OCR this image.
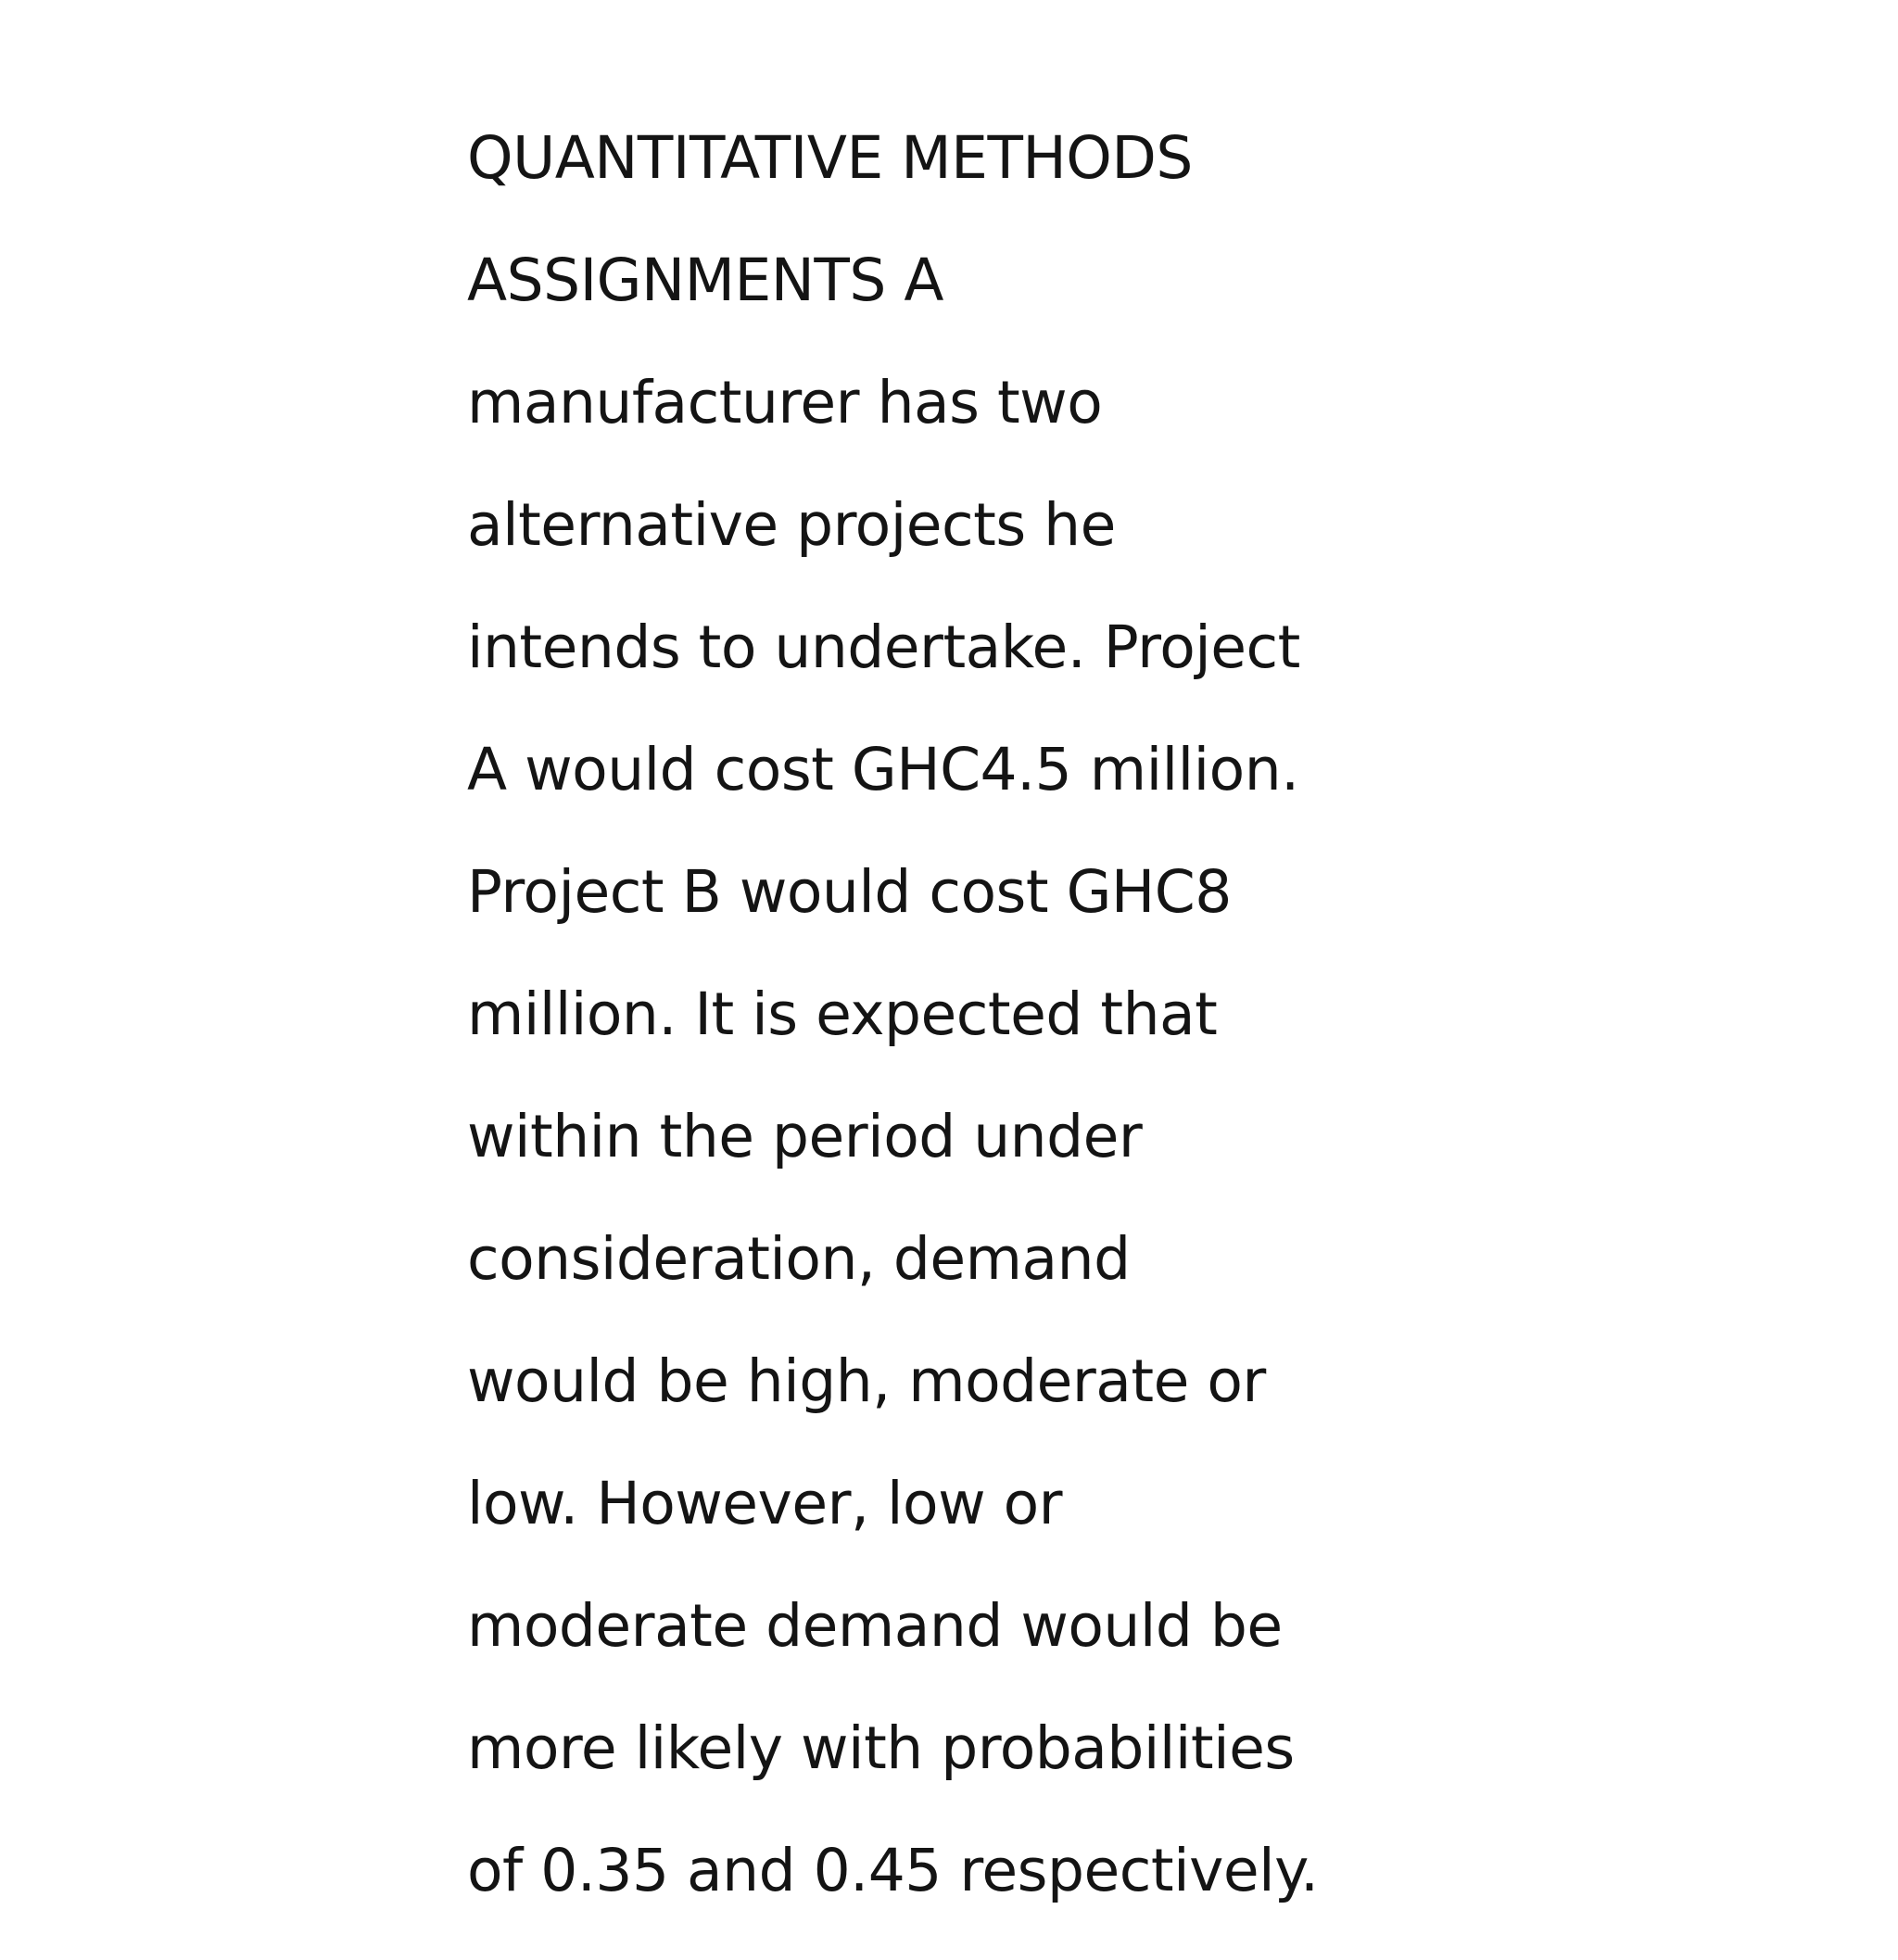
QUANTITATIVE METHODS

ASSIGNMENTS A

manufacturer has two

alternative projects he

intends to undertake. Project

A would cost GHC4.5 million.

Project B would cost GHC8

million. It is expected that

within the period under

consideration, demand

would be high, moderate or

low. However, low or

moderate demand would be

more likely with probabilities

of 0.35 and 0.45 respectively.
